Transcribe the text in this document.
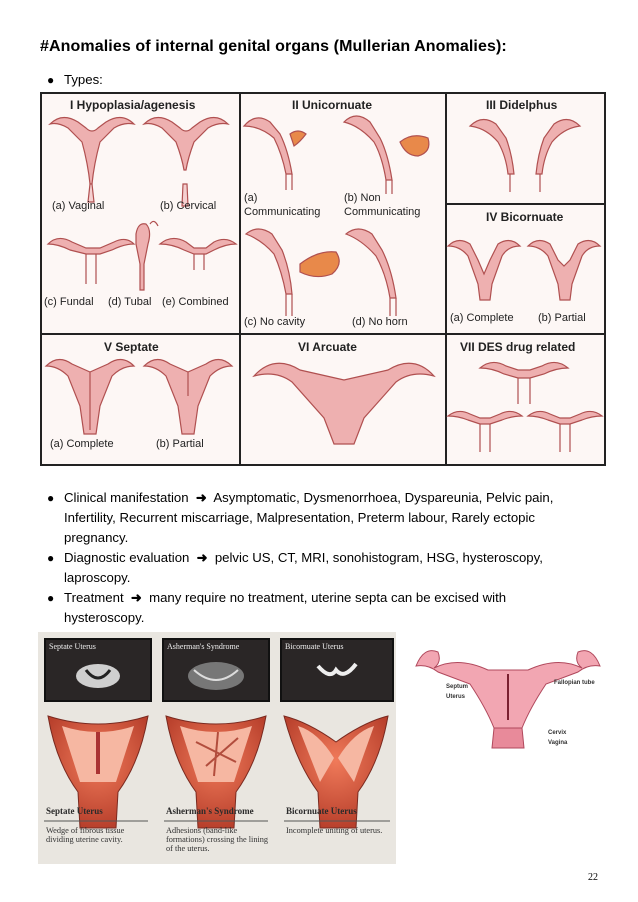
#Anomalies of internal genital organs (Mullerian Anomalies):
● Types:
I Hypoplasia/agenesis
(a) Vaginal	(b) Cervical
(c) Fundal (d) Tubal (e) Combined
II Unicornuate
(a)
Communicating
(b) Non
Communicating
(c) No cavity	(d) No horn
III Didelphus
IV Bicornuate
(a) Complete (b) Partial
V Septate
(a) Complete	(b) Partial
VI Arcuate	VII DES drug related
● Clinical manifestation  ➜  Asymptomatic, Dysmenorrhoea, Dyspareunia, Pelvic pain,
Infertility, Recurrent miscarriage, Malpresentation, Preterm labour, Rarely ectopic
pregnancy.
● Diagnostic evaluation  ➜  pelvic US, CT, MRI, sonohistogram, HSG, hysteroscopy,
laproscopy.
● Treatment  ➜  many require no treatment, uterine septa can be excised with
hysteroscopy.
Septate Uterus	Asherman's Syndrome	Bicornuate Uterus
Septate Uterus	Asherman's Syndrome	Bicornuate Uterus
Wedge of fibrous tissue dividing uterine cavity.
Adhesions (band-like formations) crossing the lining of the uterus.
Incomplete uniting of uterus.
Septum
Uterus
Fallopian tube
Cervix
Vagina
22
